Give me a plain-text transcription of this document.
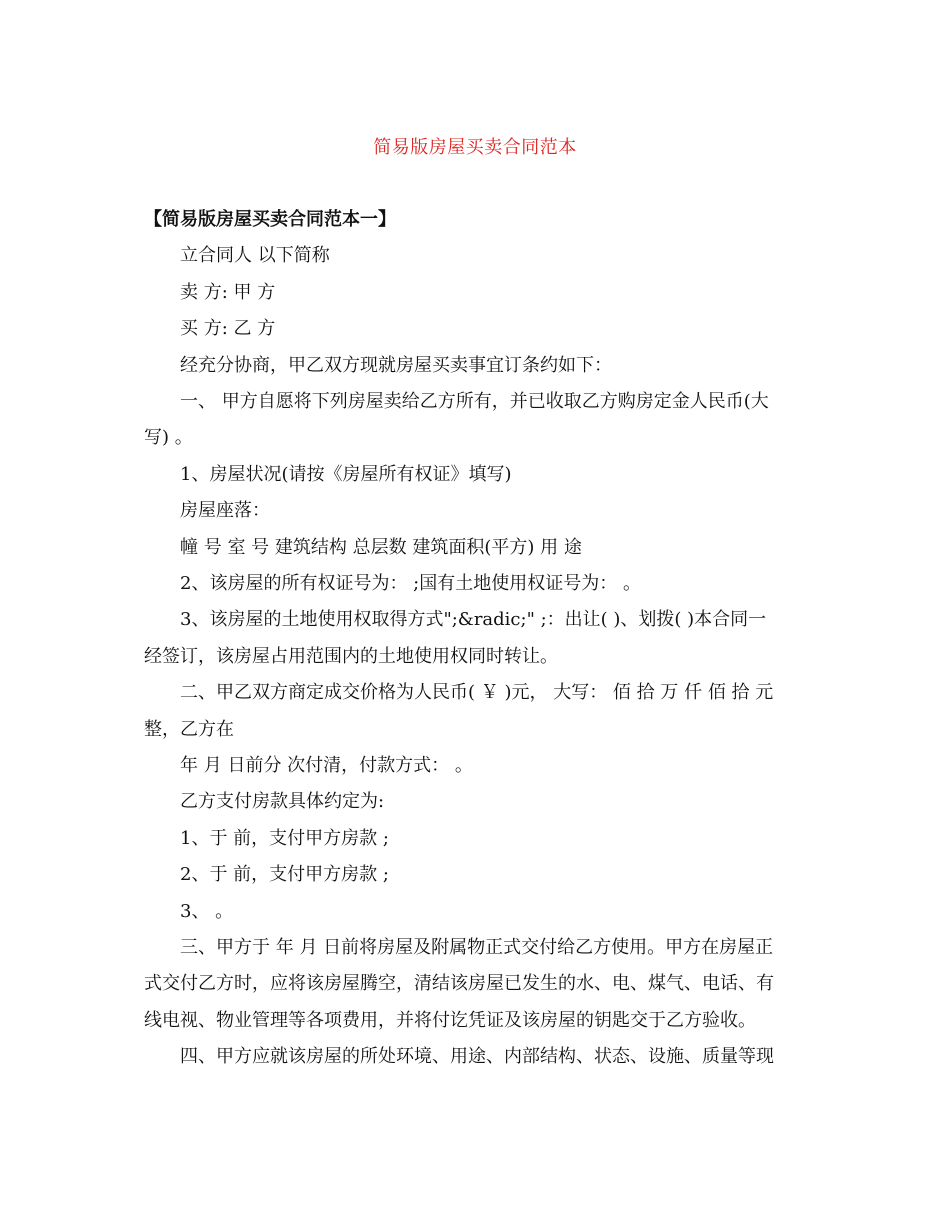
简易版房屋买卖合同范本
【简易版房屋买卖合同范本一】
立合同人 以下简称
卖 方: 甲 方
买 方: 乙 方
经充分协商，甲乙双方现就房屋买卖事宜订条约如下：
一、 甲方自愿将下列房屋卖给乙方所有，并已收取乙方购房定金人民币(大
写) 。
1、房屋状况(请按《房屋所有权证》填写)
房屋座落：
幢 号 室 号 建筑结构 总层数 建筑面积(平方) 用 途
2、该房屋的所有权证号为： ;国有土地使用权证号为： 。
3、该房屋的土地使用权取得方式";&radic;" ;：出让( )、划拨( )本合同一
经签订，该房屋占用范围内的土地使用权同时转让。
二、甲乙双方商定成交价格为人民币( ￥ )元， 大写： 佰 拾 万 仟 佰 拾 元
整，乙方在
年 月 日前分 次付清，付款方式： 。
乙方支付房款具体约定为:
1、于 前，支付甲方房款 ;
2、于 前，支付甲方房款 ;
3、 。
三、甲方于 年 月 日前将房屋及附属物正式交付给乙方使用。甲方在房屋正
式交付乙方时，应将该房屋腾空，清结该房屋已发生的水、电、煤气、电话、有
线电视、物业管理等各项费用，并将付讫凭证及该房屋的钥匙交于乙方验收。
四、甲方应就该房屋的所处环境、用途、内部结构、状态、设施、质量等现
